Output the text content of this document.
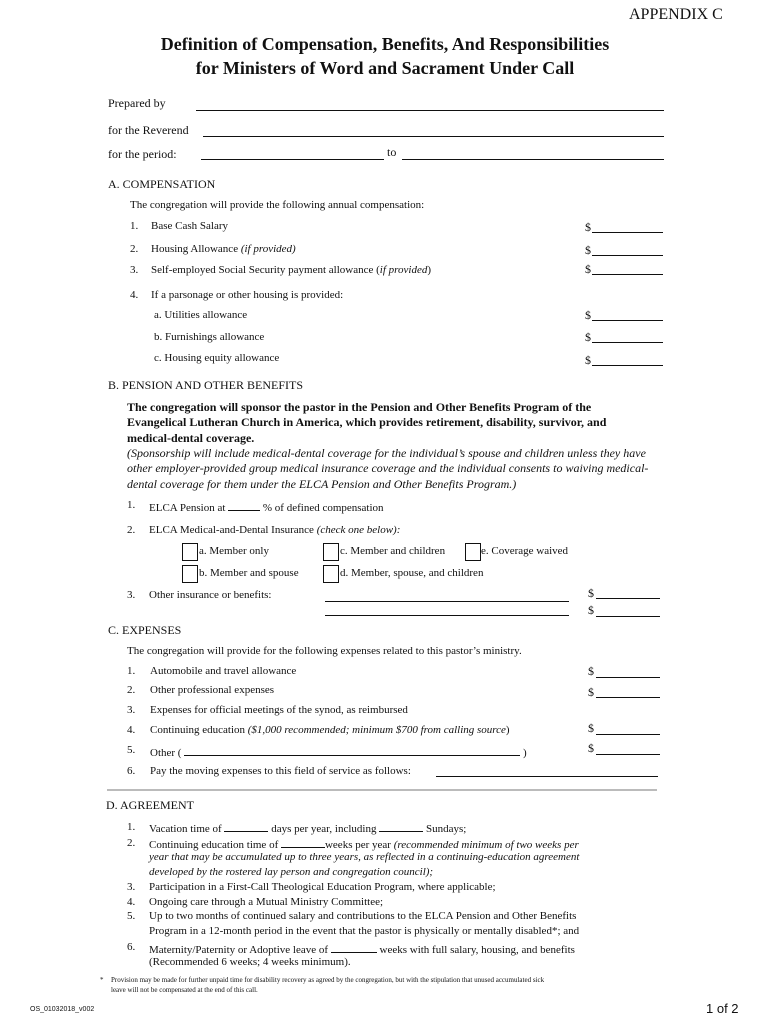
APPENDIX C
Definition of Compensation, Benefits, And Responsibilities
for Ministers of Word and Sacrament Under Call
Prepared by
for the Reverend
for the period:	to
A. COMPENSATION
The congregation will provide the following annual compensation:
1. Base Cash Salary	$
2. Housing Allowance (if provided)	$
3. Self-employed Social Security payment allowance (if provided)	$
4. If a parsonage or other housing is provided:
a. Utilities allowance	$
b. Furnishings allowance	$
c. Housing equity allowance	$
B. PENSION AND OTHER BENEFITS
The congregation will sponsor the pastor in the Pension and Other Benefits Program of the
Evangelical Lutheran Church in America, which provides retirement, disability, survivor, and
medical-dental coverage.
(Sponsorship will include medical-dental coverage for the individual’s spouse and children unless they have
other employer-provided group medical insurance coverage and the individual consents to waiving medical-
dental coverage for them under the ELCA Pension and Other Benefits Program.)
1. ELCA Pension at	% of defined compensation
2. ELCA Medical-and-Dental Insurance (check one below):
a. Member only	c. Member and children	e. Coverage waived
b. Member and spouse	d. Member, spouse, and children
3. Other insurance or benefits:	$
$
C. EXPENSES
The congregation will provide for the following expenses related to this pastor’s ministry.
1. Automobile and travel allowance	$
2. Other professional expenses	$
3. Expenses for official meetings of the synod, as reimbursed
4. Continuing education ($1,000 recommended; minimum $700 from calling source)	$
5. Other (	)	$
6. Pay the moving expenses to this field of service as follows:
D. AGREEMENT
1. Vacation time of	days per year, including	Sundays;
2. Continuing education time of	weeks per year (recommended minimum of two weeks per
year that may be accumulated up to three years, as reflected in a continuing-education agreement
developed by the rostered lay person and congregation council);
3. Participation in a First-Call Theological Education Program, where applicable;
4. Ongoing care through a Mutual Ministry Committee;
5. Up to two months of continued salary and contributions to the ELCA Pension and Other Benefits
Program in a 12-month period in the event that the pastor is physically or mentally disabled*; and
6. Maternity/Paternity or Adoptive leave of	weeks with full salary, housing, and benefits
(Recommended 6 weeks; 4 weeks minimum).
* Provision may be made for further unpaid time for disability recovery as agreed by the congregation, but with the stipulation that unused accumulated sick
leave will not be compensated at the end of this call.
OS_01032018_v002	1 of 2
